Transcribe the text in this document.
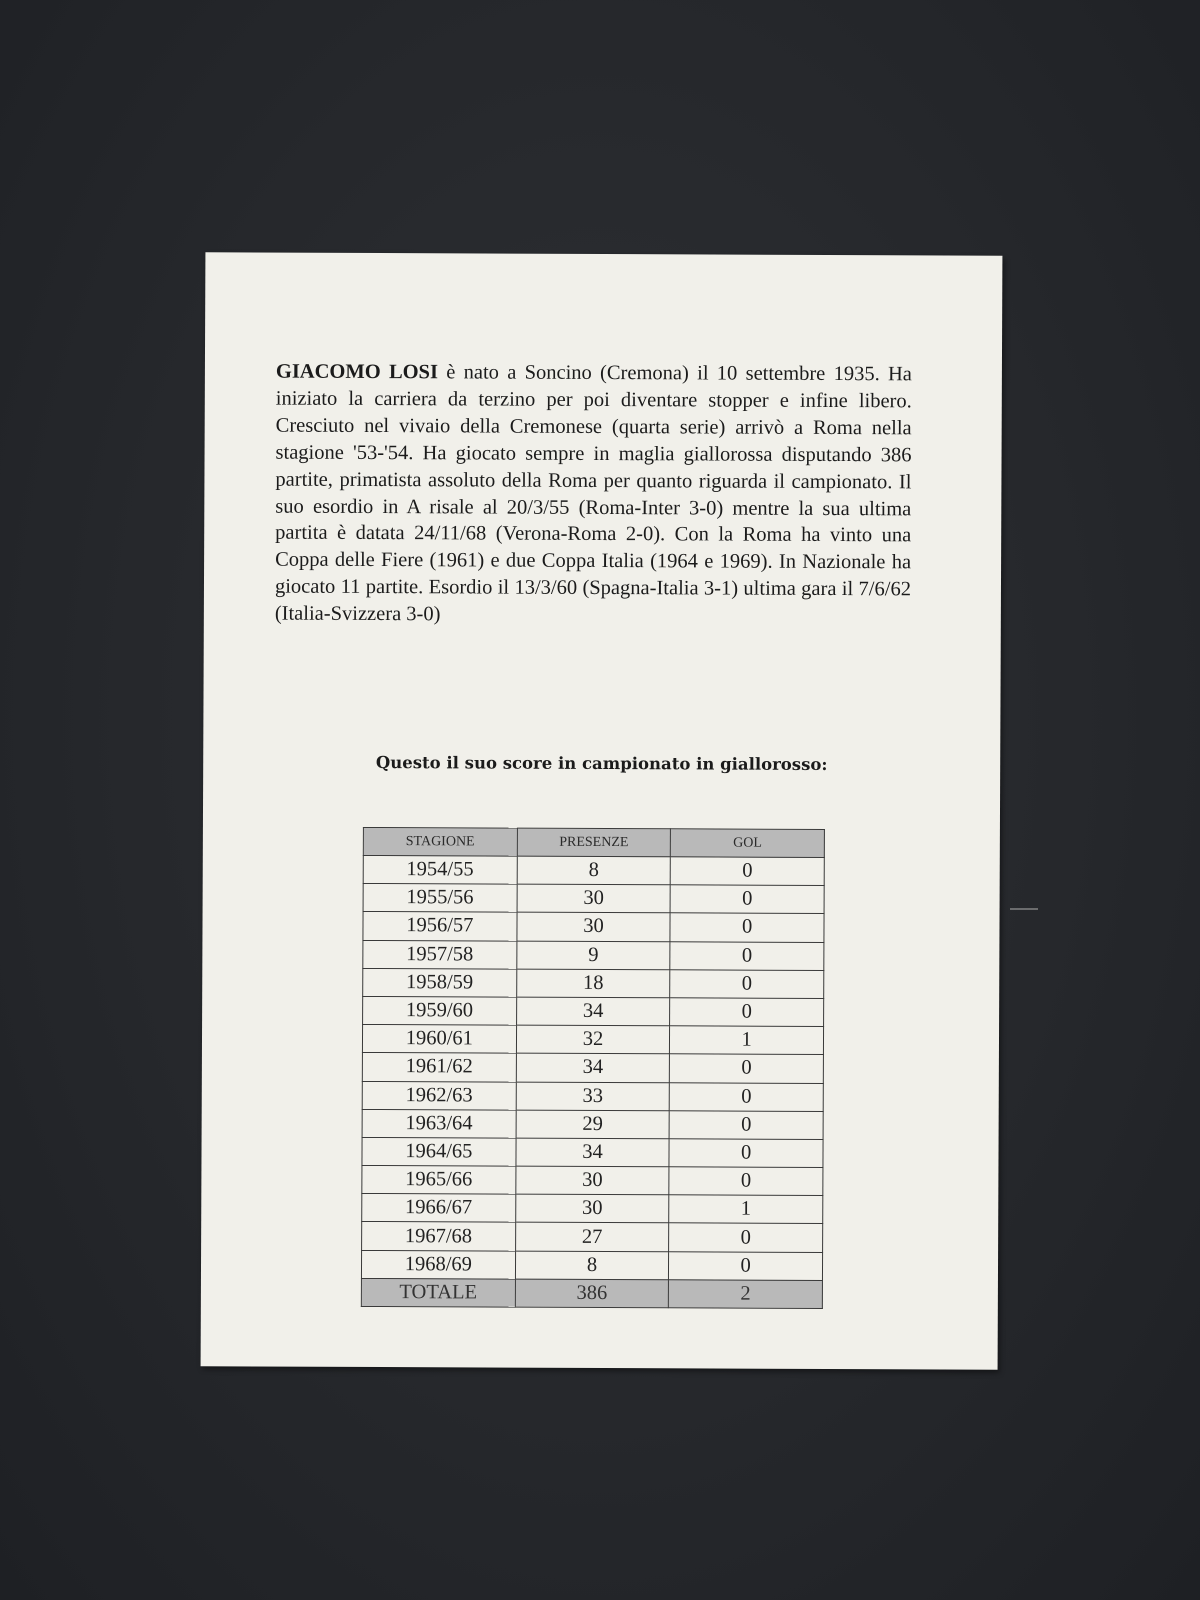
GIACOMO LOSI è nato a Soncino (Cremona) il 10 settembre 1935. Ha iniziato la carriera da terzino per poi diventare stopper e infine libero. Cresciuto nel vivaio della Cremonese (quarta serie) arrivò a Roma nella stagione '53-'54. Ha giocato sempre in maglia giallorossa disputando 386 partite, primatista assoluto della Roma per quanto riguarda il campionato. Il suo esordio in A risale al 20/3/55 (Roma-Inter 3-0) mentre la sua ultima partita è datata 24/11/68 (Verona-Roma 2-0). Con la Roma ha vinto una Coppa delle Fiere (1961) e due Coppa Italia (1964 e 1969). In Nazionale ha giocato 11 partite. Esordio il 13/3/60 (Spagna-Italia 3-1) ultima gara il 7/6/62 (Italia-Svizzera 3-0)

Questo il suo score in campionato in giallorosso:

STAGIONE	PRESENZE	GOL
1954/55	8	0
1955/56	30	0
1956/57	30	0
1957/58	9	0
1958/59	18	0
1959/60	34	0
1960/61	32	1
1961/62	34	0
1962/63	33	0
1963/64	29	0
1964/65	34	0
1965/66	30	0
1966/67	30	1
1967/68	27	0
1968/69	8	0
TOTALE	386	2
